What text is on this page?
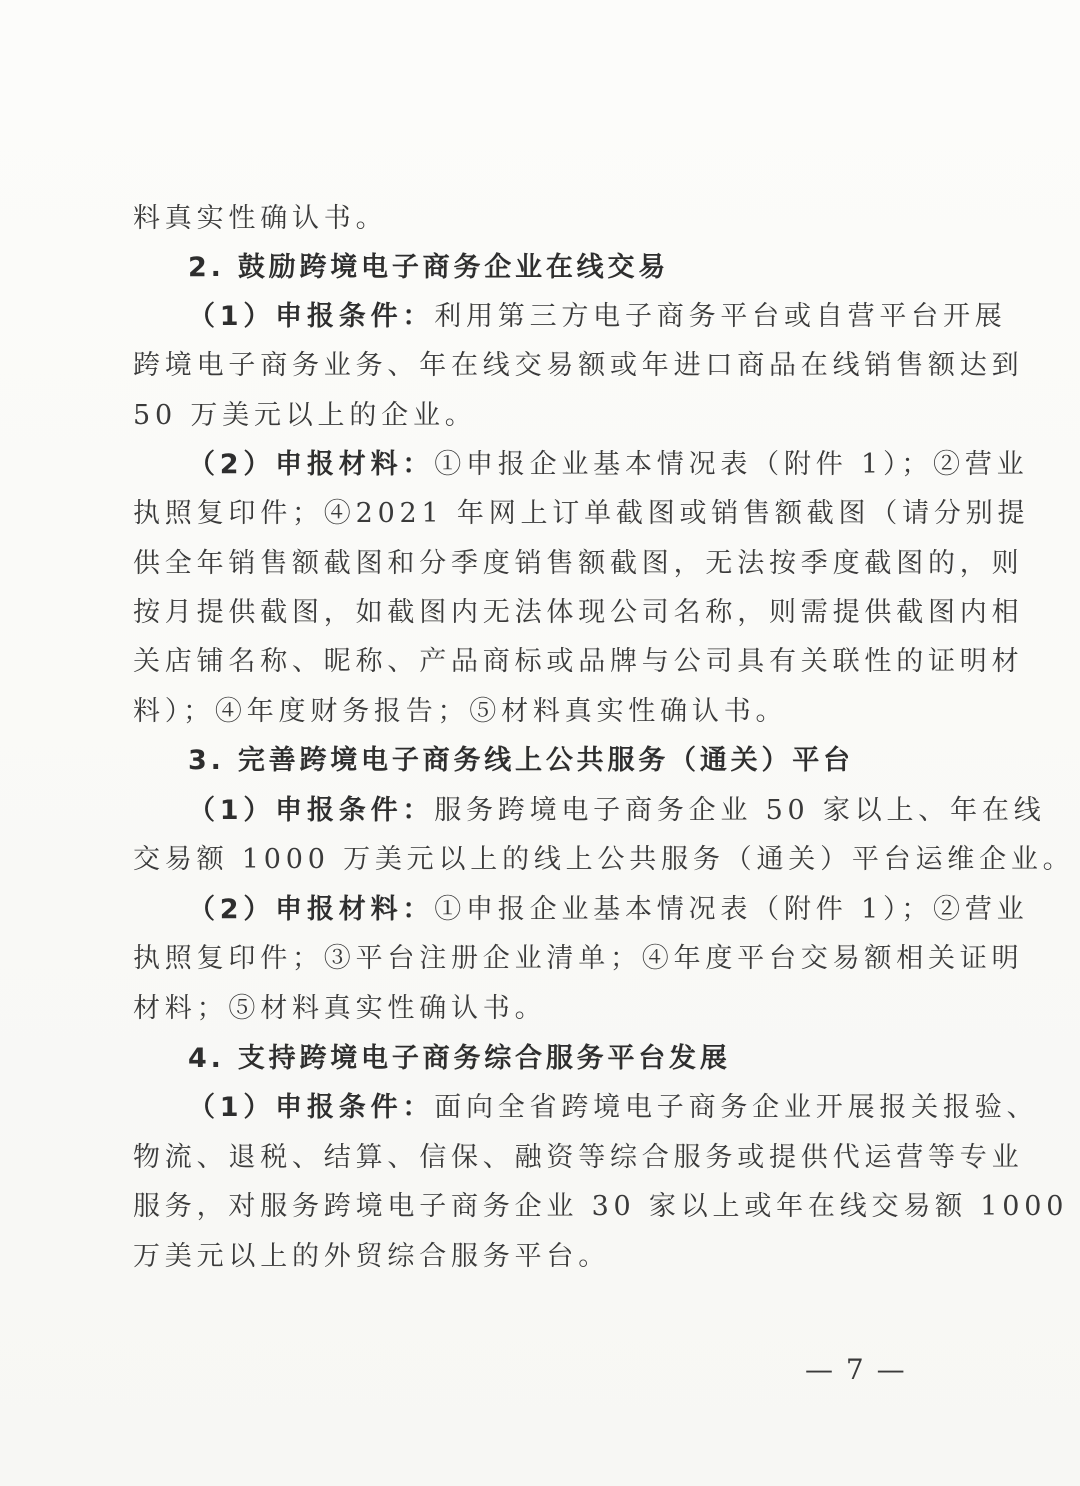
料真实性确认书。
2. 鼓励跨境电子商务企业在线交易
（1）申报条件：利用第三方电子商务平台或自营平台开展
跨境电子商务业务、年在线交易额或年进口商品在线销售额达到
50 万美元以上的企业。
（2）申报材料：①申报企业基本情况表（附件 1）；②营业
执照复印件；④2021 年网上订单截图或销售额截图（请分别提
供全年销售额截图和分季度销售额截图，无法按季度截图的，则
按月提供截图，如截图内无法体现公司名称，则需提供截图内相
关店铺名称、昵称、产品商标或品牌与公司具有关联性的证明材
料）；④年度财务报告；⑤材料真实性确认书。
3. 完善跨境电子商务线上公共服务（通关）平台
（1）申报条件：服务跨境电子商务企业 50 家以上、年在线
交易额 1000 万美元以上的线上公共服务（通关）平台运维企业。
（2）申报材料：①申报企业基本情况表（附件 1）；②营业
执照复印件；③平台注册企业清单；④年度平台交易额相关证明
材料；⑤材料真实性确认书。
4. 支持跨境电子商务综合服务平台发展
（1）申报条件：面向全省跨境电子商务企业开展报关报验、
物流、退税、结算、信保、融资等综合服务或提供代运营等专业
服务，对服务跨境电子商务企业 30 家以上或年在线交易额 1000
万美元以上的外贸综合服务平台。
— 7 —
